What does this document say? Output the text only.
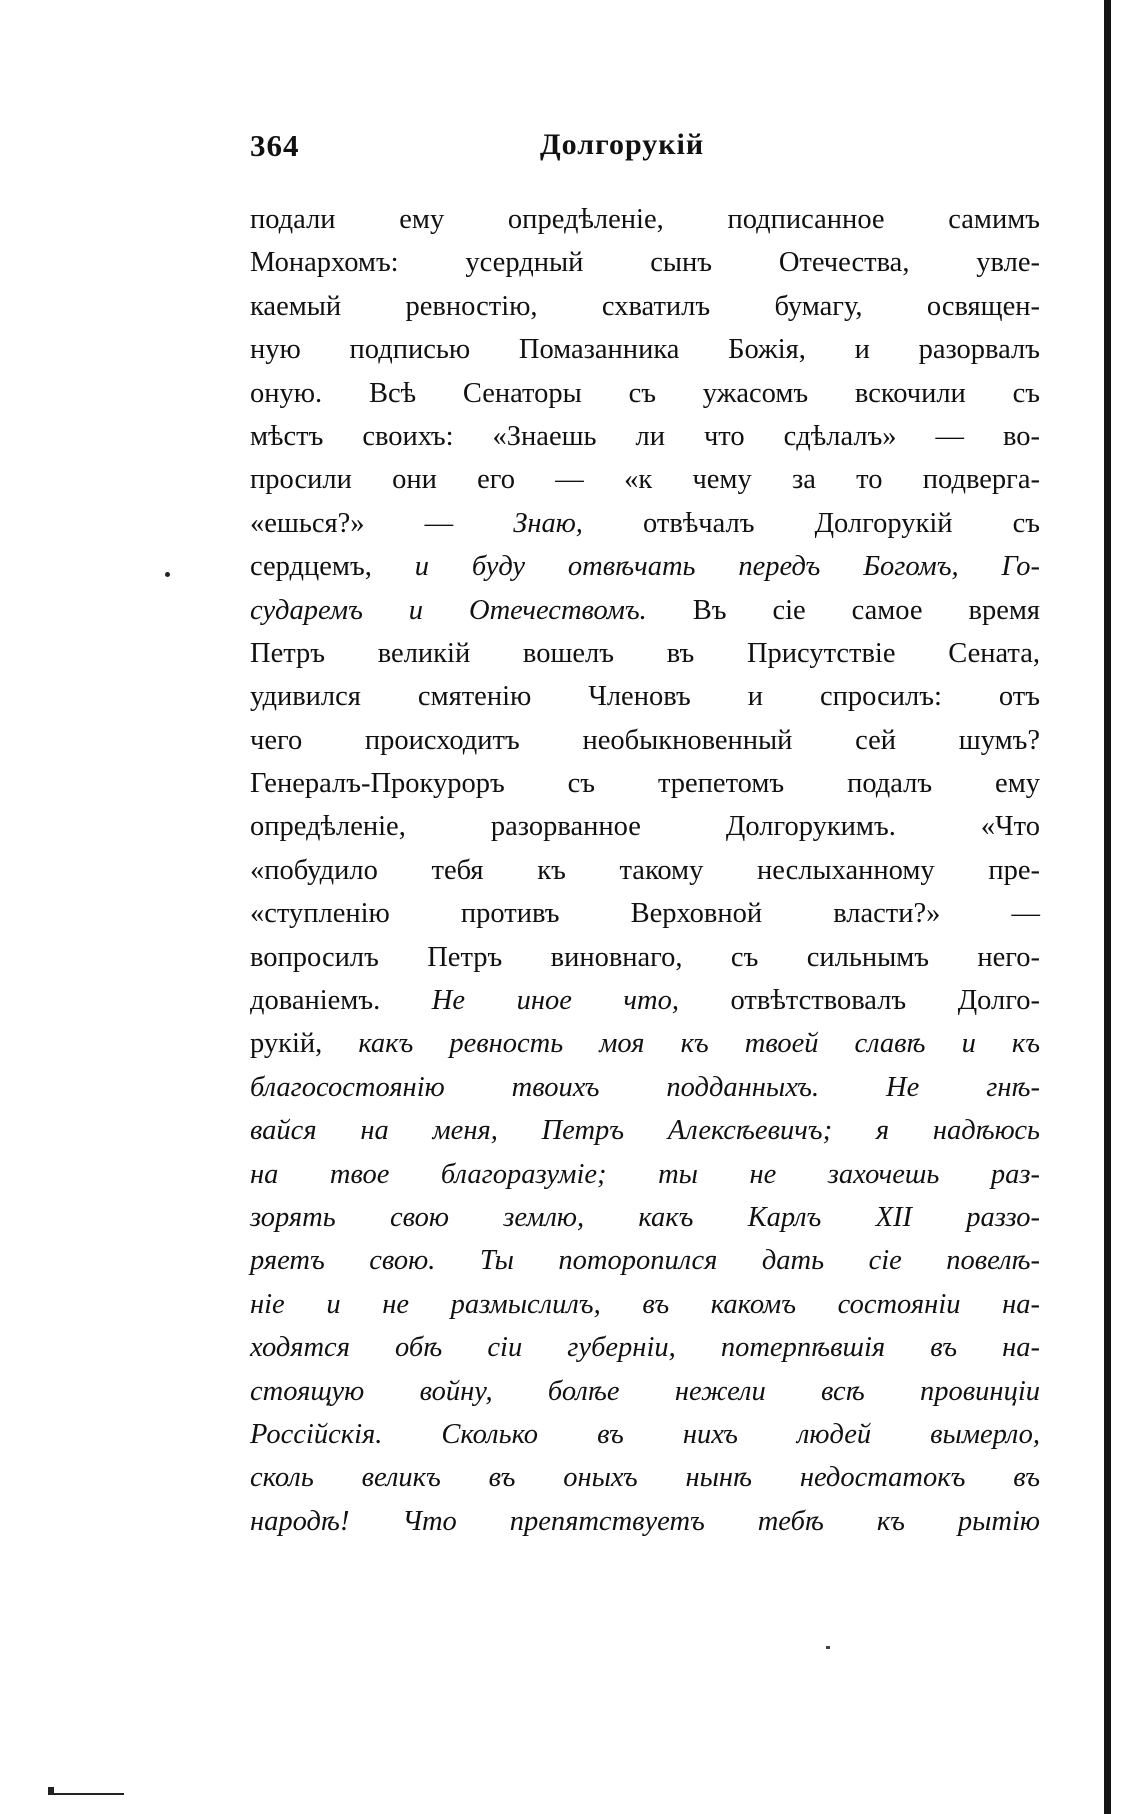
364	Долгорукій
подали ему опредѣленіе, подписанное самимъ
Монархомъ: усердный сынъ Отечества, увле-
каемый ревностію, схватилъ бумагу, освящен-
ную подписью Помазанника Божія, и разорвалъ
оную. Всѣ Сенаторы съ ужасомъ вскочили съ
мѣстъ своихъ: «Знаешь ли что сдѣлалъ» — во-
просили они его — «к чему за то подверга-
«ешься?» — Знаю, отвѣчалъ Долгорукій съ
сердцемъ, и буду отвѣчать передъ Богомъ, Го-
сударемъ и Отечествомъ. Въ сіе самое время
Петръ великій вошелъ въ Присутствіе Сената,
удивился смятенію Членовъ и спросилъ: отъ
чего происходитъ необыкновенный сей шумъ?
Генералъ-Прокуроръ съ трепетомъ подалъ ему
опредѣленіе, разорванное Долгорукимъ. «Что
«побудило тебя къ такому неслыханному пре-
«ступленію противъ Верховной власти?» —
вопросилъ Петръ виновнаго, съ сильнымъ него-
дованіемъ. Не иное что, отвѣтствовалъ Долго-
рукій, какъ ревность моя къ твоей славѣ и къ
благосостоянію твоихъ подданныхъ. Не гнѣ-
вайся на меня, Петръ Алексѣевичъ; я надѣюсь
на твое благоразуміе; ты не захочешь раз-
зорять свою землю, какъ Карлъ XII раззо-
ряетъ свою. Ты поторопился дать сіе повелѣ-
ніе и не размыслилъ, въ какомъ состояніи на-
ходятся обѣ сіи губерніи, потерпѣвшія въ на-
стоящую войну, болѣе нежели всѣ провинціи
Россійскія. Сколько въ нихъ людей вымерло,
сколь великъ въ оныхъ нынѣ недостатокъ въ
народѣ! Что препятствуетъ тебѣ къ рытію
